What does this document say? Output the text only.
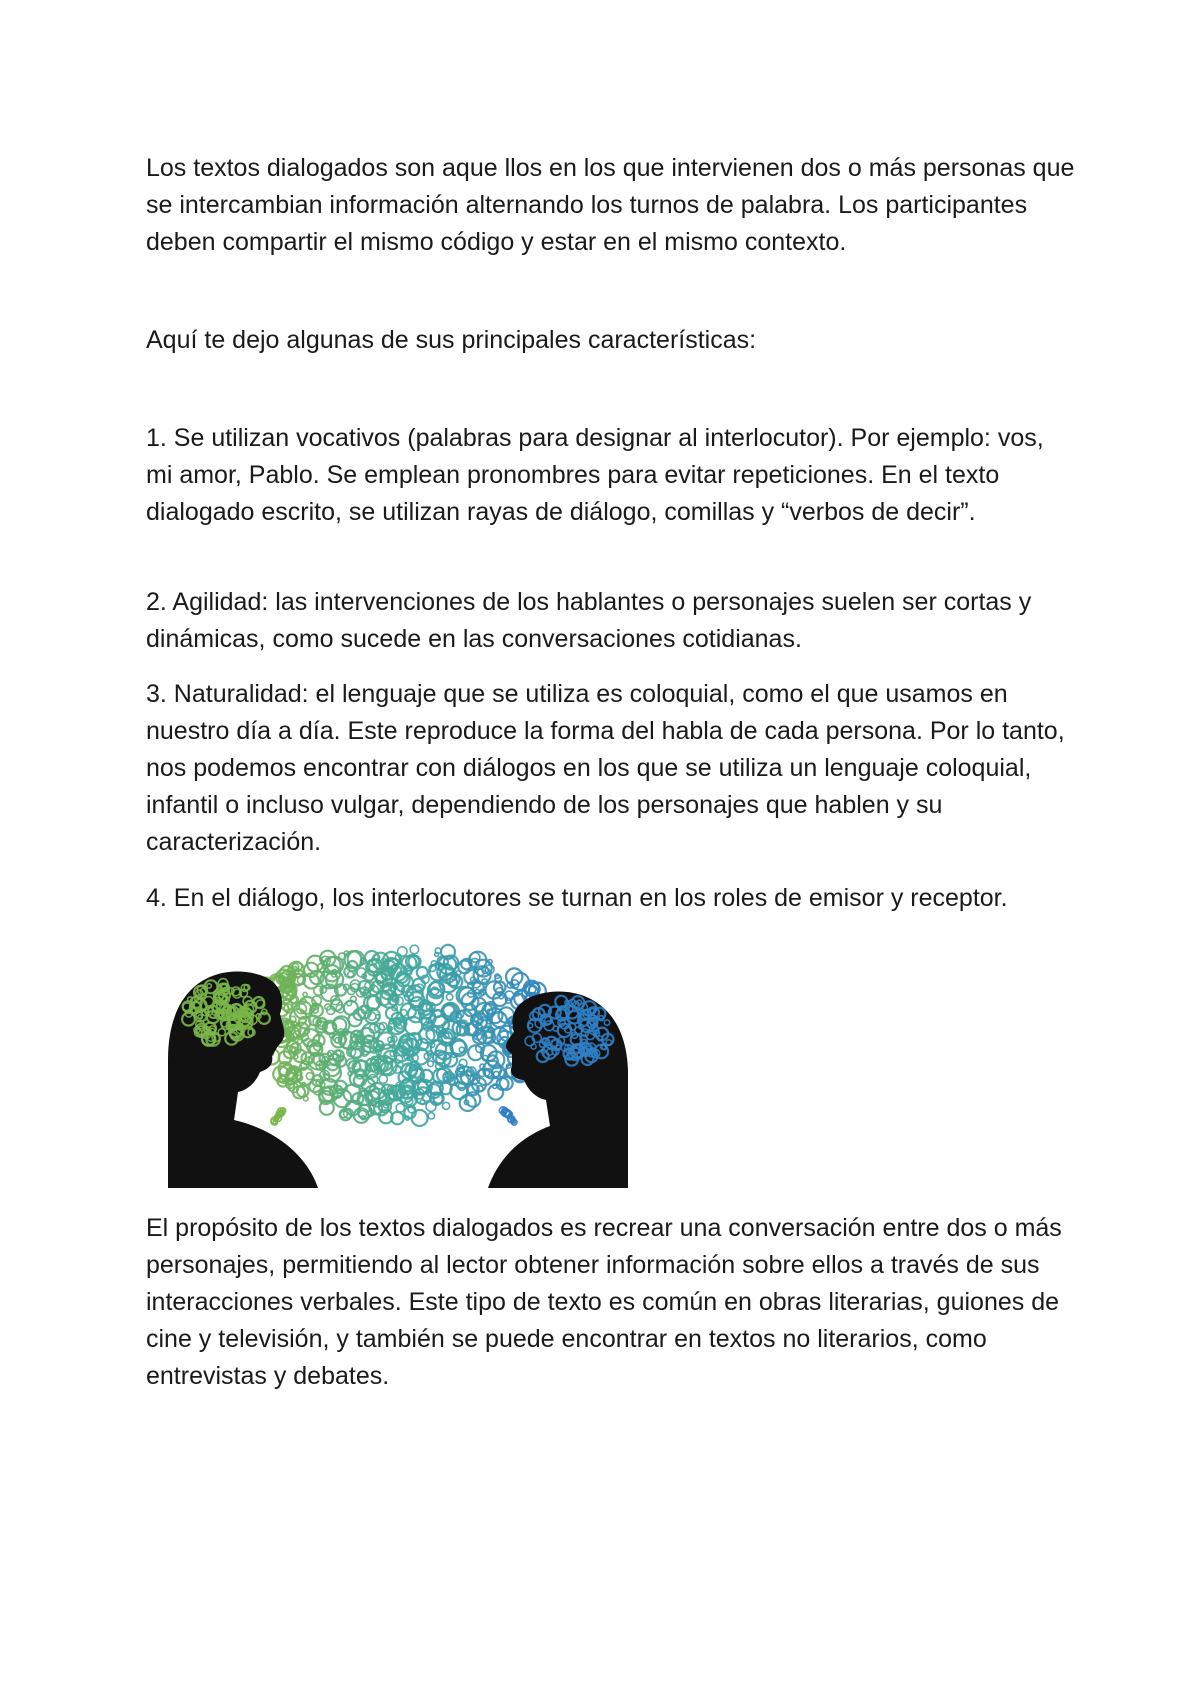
Los textos dialogados son aque llos en los que intervienen dos o más personas que se intercambian información alternando los turnos de palabra. Los participantes deben compartir el mismo código y estar en el mismo contexto.

Aquí te dejo algunas de sus principales características:

1. Se utilizan vocativos (palabras para designar al interlocutor). Por ejemplo: vos, mi amor, Pablo. Se emplean pronombres para evitar repeticiones. En el texto dialogado escrito, se utilizan rayas de diálogo, comillas y “verbos de decir”.

2. Agilidad: las intervenciones de los hablantes o personajes suelen ser cortas y dinámicas, como sucede en las conversaciones cotidianas.

3. Naturalidad: el lenguaje que se utiliza es coloquial, como el que usamos en nuestro día a día. Este reproduce la forma del habla de cada persona. Por lo tanto, nos podemos encontrar con diálogos en los que se utiliza un lenguaje coloquial, infantil o incluso vulgar, dependiendo de los personajes que hablen y su caracterización.

4. En el diálogo, los interlocutores se turnan en los roles de emisor y receptor.

El propósito de los textos dialogados es recrear una conversación entre dos o más personajes, permitiendo al lector obtener información sobre ellos a través de sus interacciones verbales. Este tipo de texto es común en obras literarias, guiones de cine y televisión, y también se puede encontrar en textos no literarios, como entrevistas y debates.
